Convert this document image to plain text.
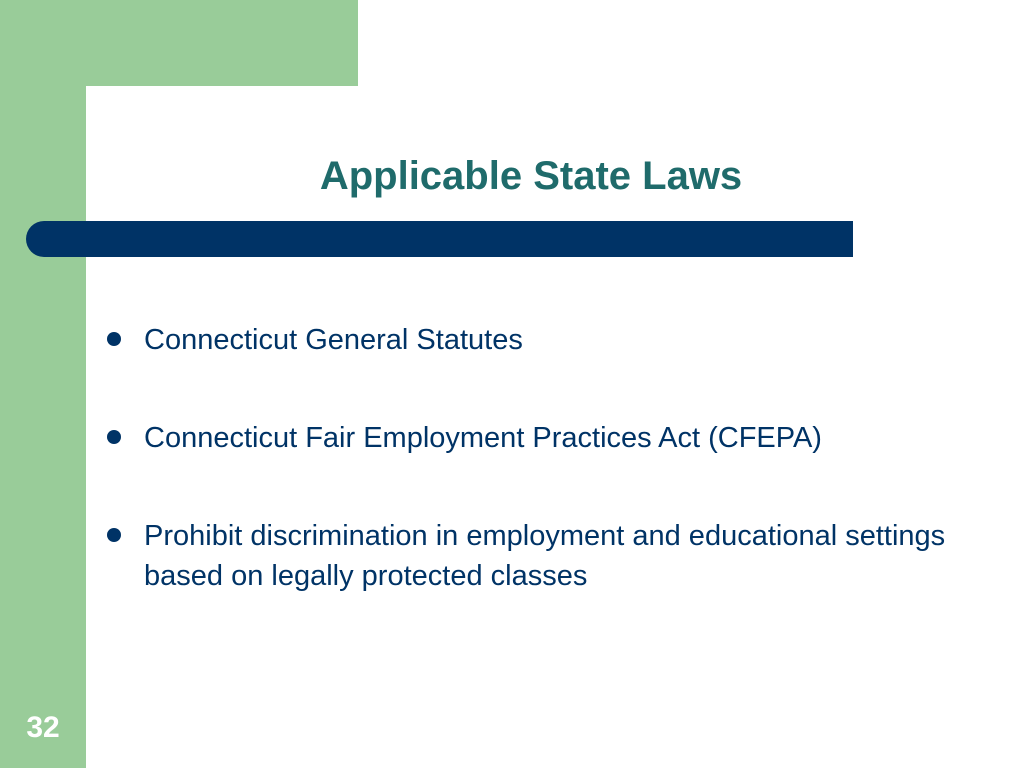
Applicable State Laws
Connecticut General Statutes
Connecticut Fair Employment Practices Act (CFEPA)
Prohibit discrimination in employment and educational settings based on legally protected classes
32
